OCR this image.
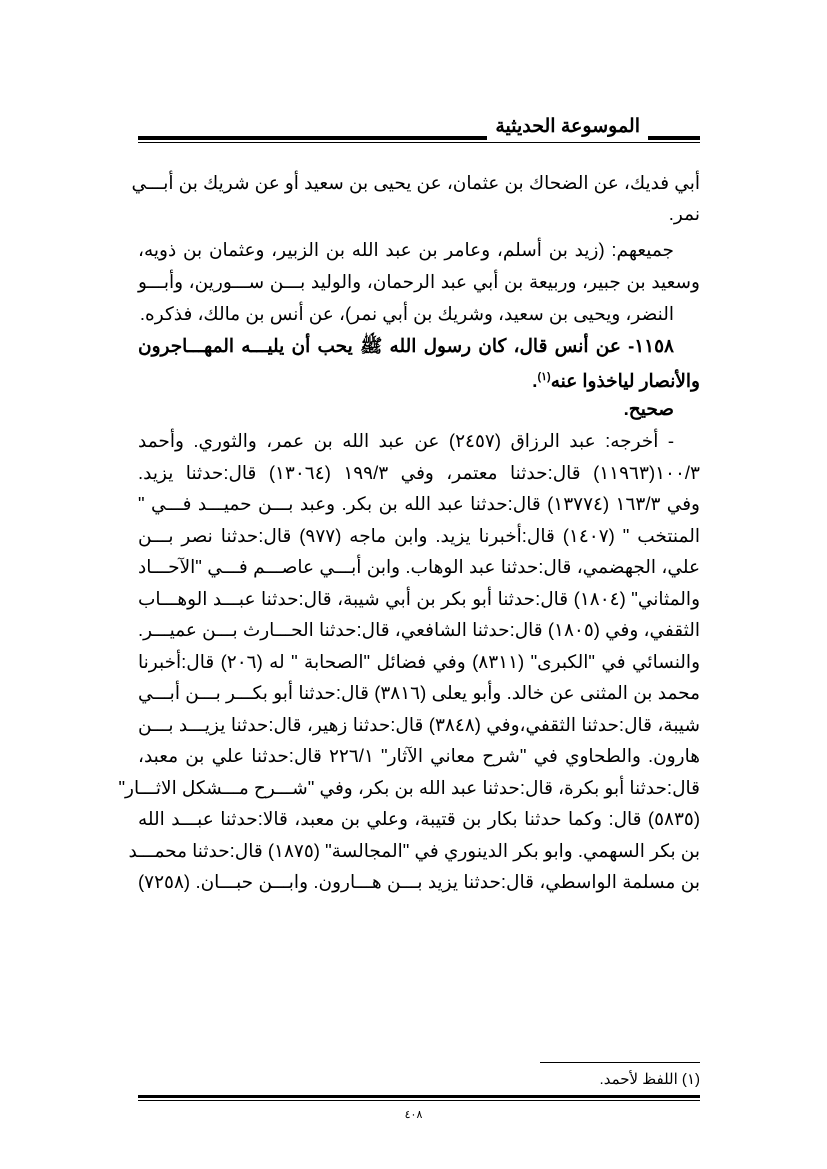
الموسوعة الحديثية
أبي فديك، عن الضحاك بن عثمان، عن يحيى بن سعيد أو عن شريك بن أبـــي
نمر.
جميعهم: (زيد بن أسلم، وعامر بن عبد الله بن الزبير، وعثمان بن ذويه،
وسعيد بن جبير، وربيعة بن أبي عبد الرحمان، والوليد بـــن ســـورين، وأبـــو
النضر، ويحيى بن سعيد، وشريك بن أبي نمر)، عن أنس بن مالك، فذكره.
١١٥٨- عن أنس قال، كان رسول الله ﷺ يحب أن يليـــه المهـــاجرون
والأنصار لياخذوا عنه$^{(١)}$.
صحيح.
- أخرجه: عبد الرزاق (٢٤٥٧) عن عبد الله بن عمر، والثوري. وأحمد
١٠٠/٣(١١٩٦٣) قال:حدثنا معتمر، وفي ١٩٩/٣ (١٣٠٦٤) قال:حدثنا يزيد.
وفي ١٦٣/٣ (١٣٧٧٤) قال:حدثنا عبد الله بن بكر. وعبد بـــن حميـــد فـــي "
المنتخب " (١٤٠٧) قال:أخبرنا يزيد. وابن ماجه (٩٧٧) قال:حدثنا نصر بـــن
علي، الجهضمي، قال:حدثنا عبد الوهاب. وابن أبـــي عاصـــم فـــي "الآحـــاد
والمثاني" (١٨٠٤) قال:حدثنا أبو بكر بن أبي شيبة، قال:حدثنا عبـــد الوهـــاب
الثقفي، وفي (١٨٠٥) قال:حدثنا الشافعي، قال:حدثنا الحـــارث بـــن عميـــر.
والنسائي في "الكبرى" (٨٣١١) وفي فضائل "الصحابة " له (٢٠٦) قال:أخبرنا
محمد بن المثنى عن خالد. وأبو يعلى (٣٨١٦) قال:حدثنا أبو بكـــر بـــن أبـــي
شيبة، قال:حدثنا الثقفي،وفي (٣٨٤٨) قال:حدثنا زهير، قال:حدثنا يزيـــد بـــن
هارون. والطحاوي في "شرح معاني الآثار" ٢٢٦/١ قال:حدثنا علي بن معبد،
قال:حدثنا أبو بكرة، قال:حدثنا عبد الله بن بكر، وفي "شـــرح مـــشكل الاثـــار"
(٥٨٣٥) قال: وكما حدثنا بكار بن قتيبة، وعلي بن معبد، قالا:حدثنا عبـــد الله
بن بكر السهمي. وابو بكر الدينوري في "المجالسة" (١٨٧٥) قال:حدثنا محمـــد
بن مسلمة الواسطي، قال:حدثنا يزيد بـــن هـــارون. وابـــن حبـــان. (٧٢٥٨)
(١) اللفظ لأحمد.
٤٠٨
